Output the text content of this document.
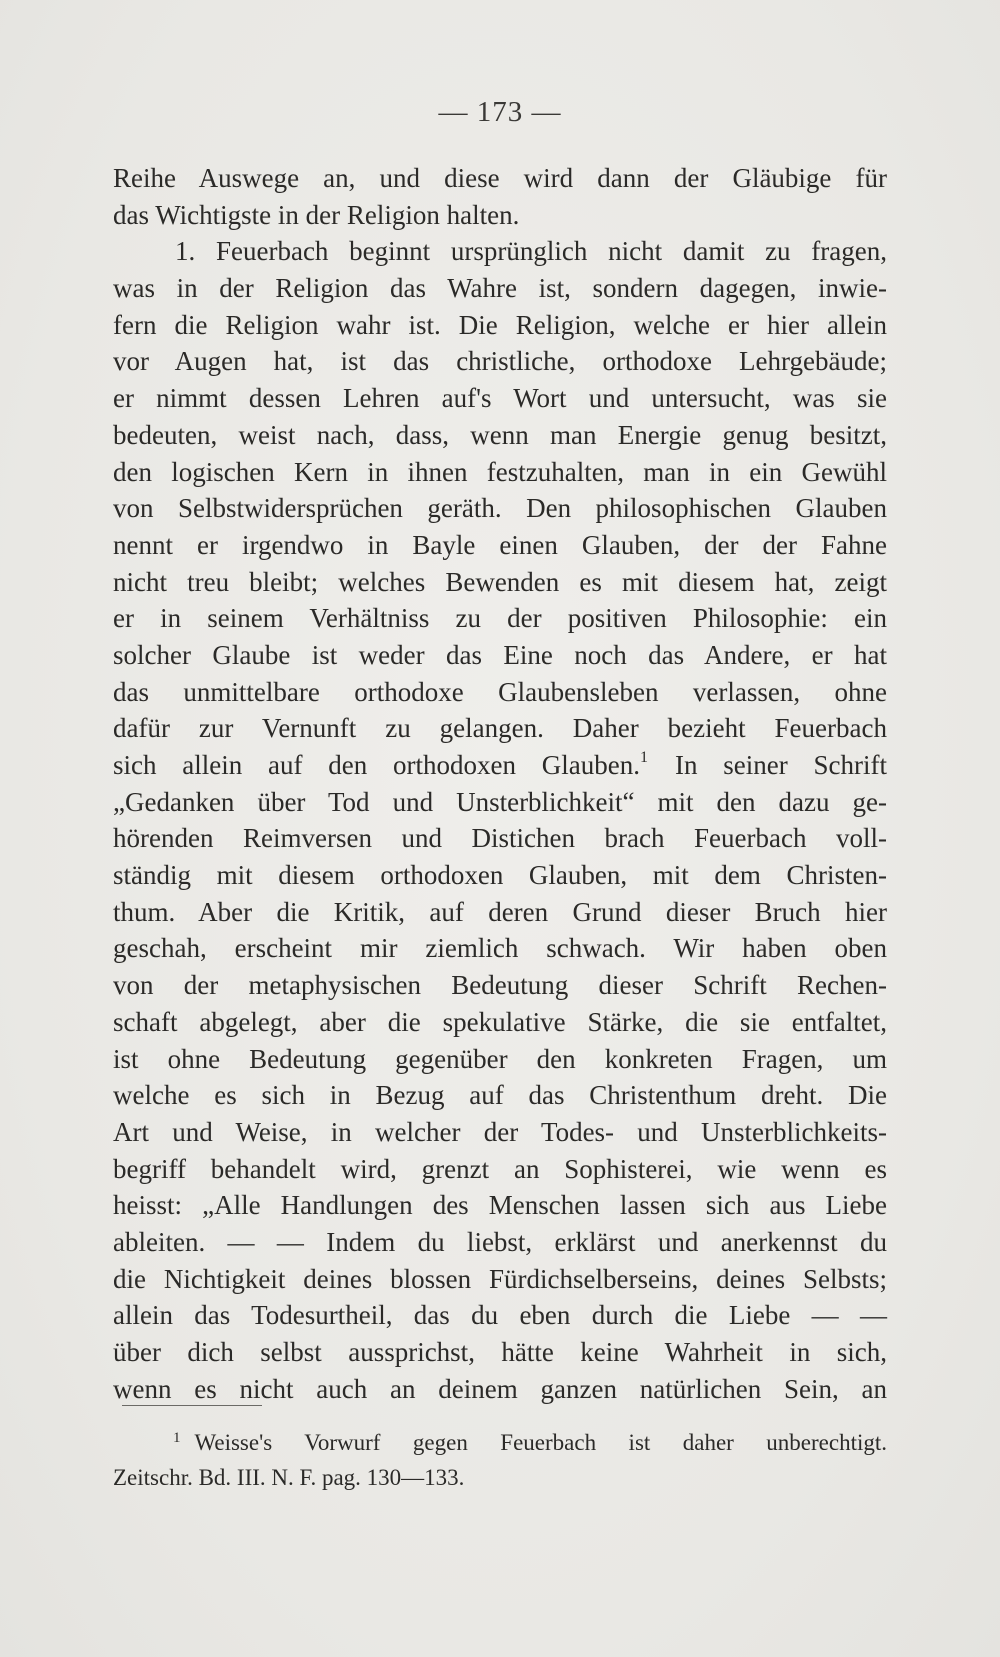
— 173 —
Reihe Auswege an, und diese wird dann der Gläubige für
das Wichtigste in der Religion halten.
1. Feuerbach beginnt ursprünglich nicht damit zu fragen,
was in der Religion das Wahre ist, sondern dagegen, inwie-
fern die Religion wahr ist. Die Religion, welche er hier allein
vor Augen hat, ist das christliche, orthodoxe Lehrgebäude;
er nimmt dessen Lehren auf's Wort und untersucht, was sie
bedeuten, weist nach, dass, wenn man Energie genug besitzt,
den logischen Kern in ihnen festzuhalten, man in ein Gewühl
von Selbstwidersprüchen geräth. Den philosophischen Glauben
nennt er irgendwo in Bayle einen Glauben, der der Fahne
nicht treu bleibt; welches Bewenden es mit diesem hat, zeigt
er in seinem Verhältniss zu der positiven Philosophie: ein
solcher Glaube ist weder das Eine noch das Andere, er hat
das unmittelbare orthodoxe Glaubensleben verlassen, ohne
dafür zur Vernunft zu gelangen. Daher bezieht Feuerbach
sich allein auf den orthodoxen Glauben.$^1$  In seiner Schrift
„Gedanken über Tod und Unsterblichkeit“ mit den dazu ge-
hörenden Reimversen und Distichen brach Feuerbach voll-
ständig mit diesem orthodoxen Glauben, mit dem Christen-
thum. Aber die Kritik, auf deren Grund dieser Bruch hier
geschah, erscheint mir ziemlich schwach. Wir haben oben
von der metaphysischen Bedeutung dieser Schrift Rechen-
schaft abgelegt, aber die spekulative Stärke, die sie entfaltet,
ist ohne Bedeutung gegenüber den konkreten Fragen, um
welche es sich in Bezug auf das Christenthum dreht. Die
Art und Weise, in welcher der Todes- und Unsterblichkeits-
begriff behandelt wird, grenzt an Sophisterei, wie wenn es
heisst: „Alle Handlungen des Menschen lassen sich aus Liebe
ableiten. — — Indem du liebst, erklärst und anerkennst du
die Nichtigkeit deines blossen Fürdichselberseins, deines Selbsts;
allein das Todesurtheil, das du eben durch die Liebe — —
über dich selbst aussprichst, hätte keine Wahrheit in sich,
wenn es nicht auch an deinem ganzen natürlichen Sein, an
$^1$ Weisse's Vorwurf gegen Feuerbach ist daher unberechtigt.
Zeitschr. Bd. III. N. F. pag. 130—133.
